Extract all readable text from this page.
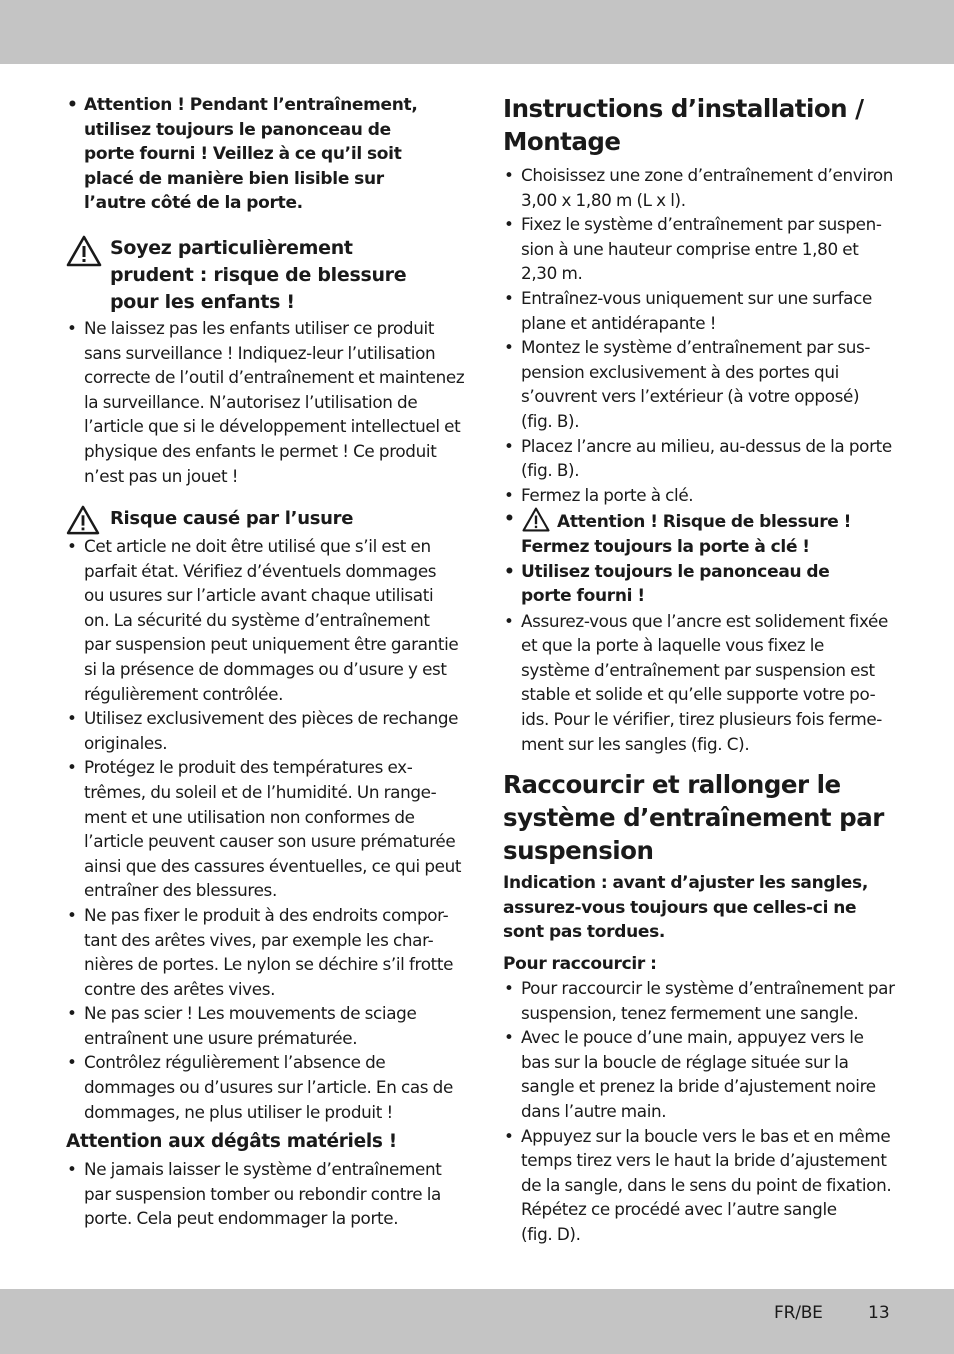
FR/BE	13
• Attention ! Pendant l’entraînement,
utilisez toujours le panonceau de
porte fourni ! Veillez à ce qu’il soit
placé de manière bien lisible sur
l’autre côté de la porte.
Soyez particulièrement
prudent : risque de blessure
pour les enfants !
• Ne laissez pas les enfants utiliser ce produit
sans surveillance ! Indiquez-leur l’utilisation
correcte de l’outil d’entraînement et maintenez
la surveillance. N’autorisez l’utilisation de
l’article que si le développement intellectuel et
physique des enfants le permet ! Ce produit
n’est pas un jouet !
Risque causé par l’usure
• Cet article ne doit être utilisé que s’il est en
parfait état. Vérifiez d’éventuels dommages
ou usures sur l’article avant chaque utilisati
on. La sécurité du système d’entraînement
par suspension peut uniquement être garantie
si la présence de dommages ou d’usure y est
régulièrement contrôlée.
• Utilisez exclusivement des pièces de rechange
originales.
• Protégez le produit des températures ex-
trêmes, du soleil et de l’humidité. Un range-
ment et une utilisation non conformes de
l’article peuvent causer son usure prématurée
ainsi que des cassures éventuelles, ce qui peut
entraîner des blessures.
• Ne pas fixer le produit à des endroits compor-
tant des arêtes vives, par exemple les char-
nières de portes. Le nylon se déchire s’il frotte
contre des arêtes vives.
• Ne pas scier ! Les mouvements de sciage
entraînent une usure prématurée.
• Contrôlez régulièrement l’absence de
dommages ou d’usures sur l’article. En cas de
dommages, ne plus utiliser le produit !
Attention aux dégâts matériels !
• Ne jamais laisser le système d’entraînement
par suspension tomber ou rebondir contre la
porte. Cela peut endommager la porte.
Instructions d’installation /
Montage
• Choisissez une zone d’entraînement d’environ
3,00 x 1,80 m (L x l).
• Fixez le système d’entraînement par suspen-
sion à une hauteur comprise entre 1,80 et
2,30 m.
• Entraînez-vous uniquement sur une surface
plane et antidérapante !
• Montez le système d’entraînement par sus-
pension exclusivement à des portes qui
s’ouvrent vers l’extérieur (à votre opposé)
(fig. B).
• Placez l’ancre au milieu, au-dessus de la porte
(fig. B).
• Fermez la porte à clé.
• Attention ! Risque de blessure !
Fermez toujours la porte à clé !
• Utilisez toujours le panonceau de
porte fourni !
• Assurez-vous que l’ancre est solidement fixée
et que la porte à laquelle vous fixez le
système d’entraînement par suspension est
stable et solide et qu’elle supporte votre po-
ids. Pour le vérifier, tirez plusieurs fois ferme-
ment sur les sangles (fig. C).
Raccourcir et rallonger le
système d’entraînement par
suspension
Indication : avant d’ajuster les sangles,
assurez-vous toujours que celles-ci ne
sont pas tordues.
Pour raccourcir :
• Pour raccourcir le système d’entraînement par
suspension, tenez fermement une sangle.
• Avec le pouce d’une main, appuyez vers le
bas sur la boucle de réglage située sur la
sangle et prenez la bride d’ajustement noire
dans l’autre main.
• Appuyez sur la boucle vers le bas et en même
temps tirez vers le haut la bride d’ajustement
de la sangle, dans le sens du point de fixation.
Répétez ce procédé avec l’autre sangle
(fig. D).
